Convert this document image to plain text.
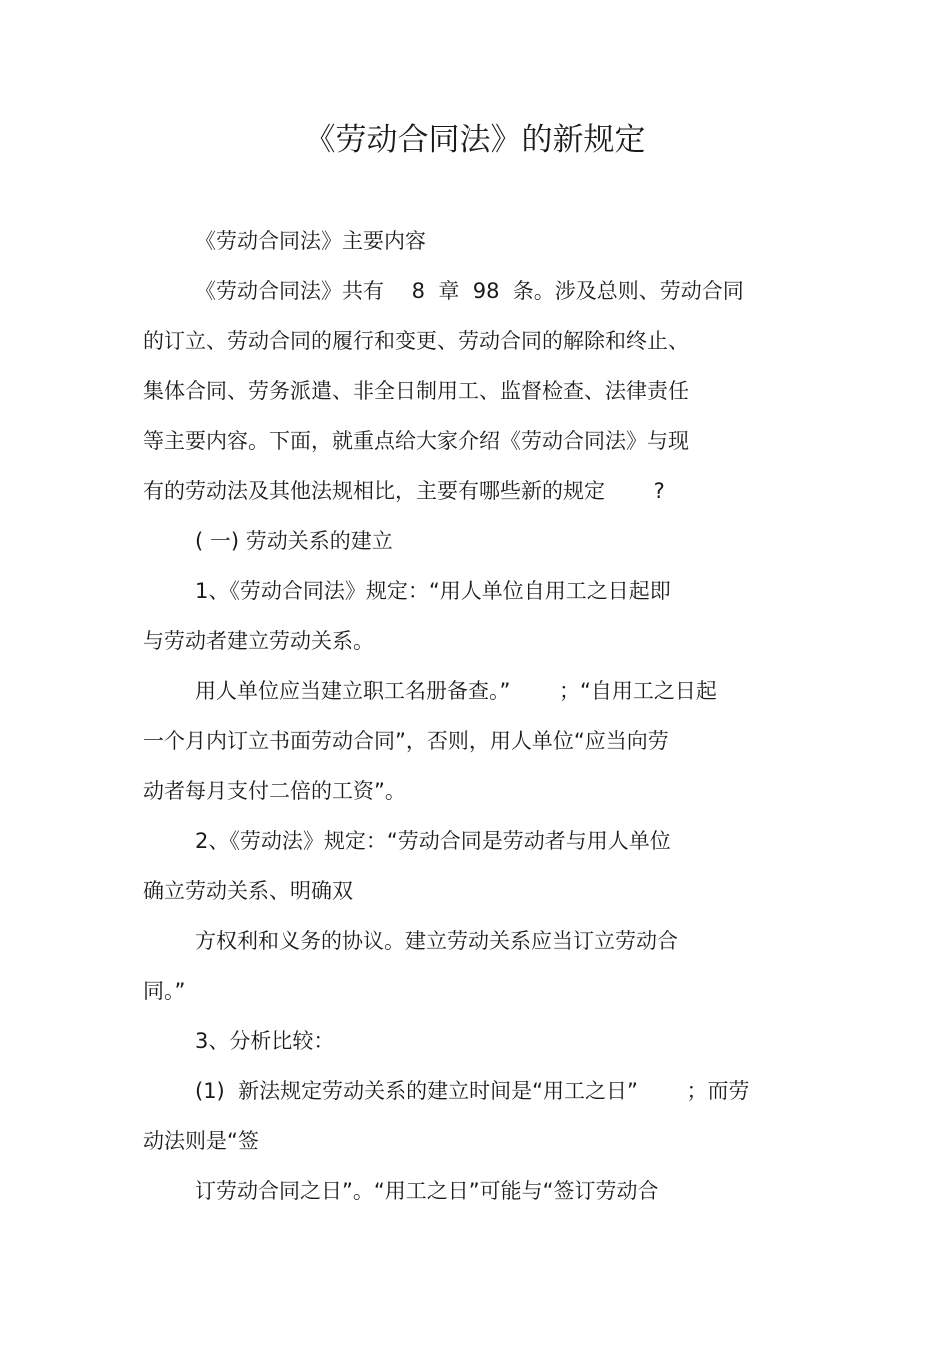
《劳动合同法》的新规定
《劳动合同法》主要内容
《劳动合同法》共有　 8  章  98  条。涉及总则、劳动合同
的订立、劳动合同的履行和变更、劳动合同的解除和终止、
集体合同、劳务派遣、非全日制用工、监督检查、法律责任
等主要内容。下面，就重点给大家介绍《劳动合同法》与现
有的劳动法及其他法规相比，主要有哪些新的规定　　 ?
( 一) 劳动关系的建立
1、《劳动合同法》规定：“用人单位自用工之日起即
与劳动者建立劳动关系。
用人单位应当建立职工名册备查。”　　 ；“自用工之日起
一个月内订立书面劳动合同”，否则，用人单位“应当向劳
动者每月支付二倍的工资”。
2、《劳动法》规定：“劳动合同是劳动者与用人单位
确立劳动关系、明确双
方权利和义务的协议。建立劳动关系应当订立劳动合
同。”
3、分析比较：
(1)  新法规定劳动关系的建立时间是“用工之日”　　 ；而劳
动法则是“签
订劳动合同之日”。“用工之日”可能与“签订劳动合
